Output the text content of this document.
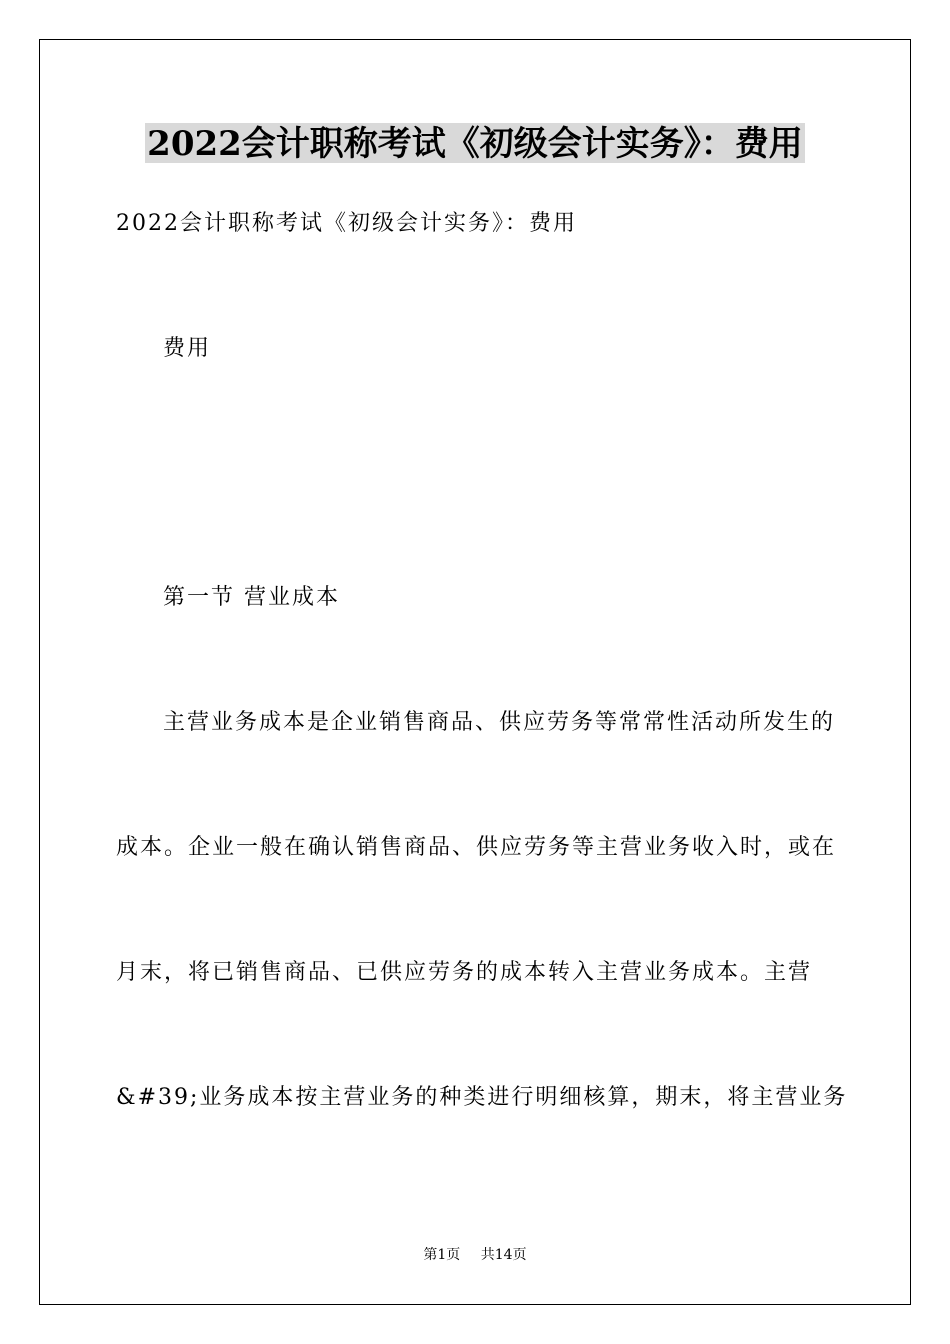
2022会计职称考试《初级会计实务》：费用

2022会计职称考试《初级会计实务》：费用

费用

第一节 营业成本

主营业务成本是企业销售商品、供应劳务等常常性活动所发生的

成本。企业一般在确认销售商品、供应劳务等主营业务收入时，或在

月末，将已销售商品、已供应劳务的成本转入主营业务成本。主营

&#39;业务成本按主营业务的种类进行明细核算，期末，将主营业务

第1页 共14页
